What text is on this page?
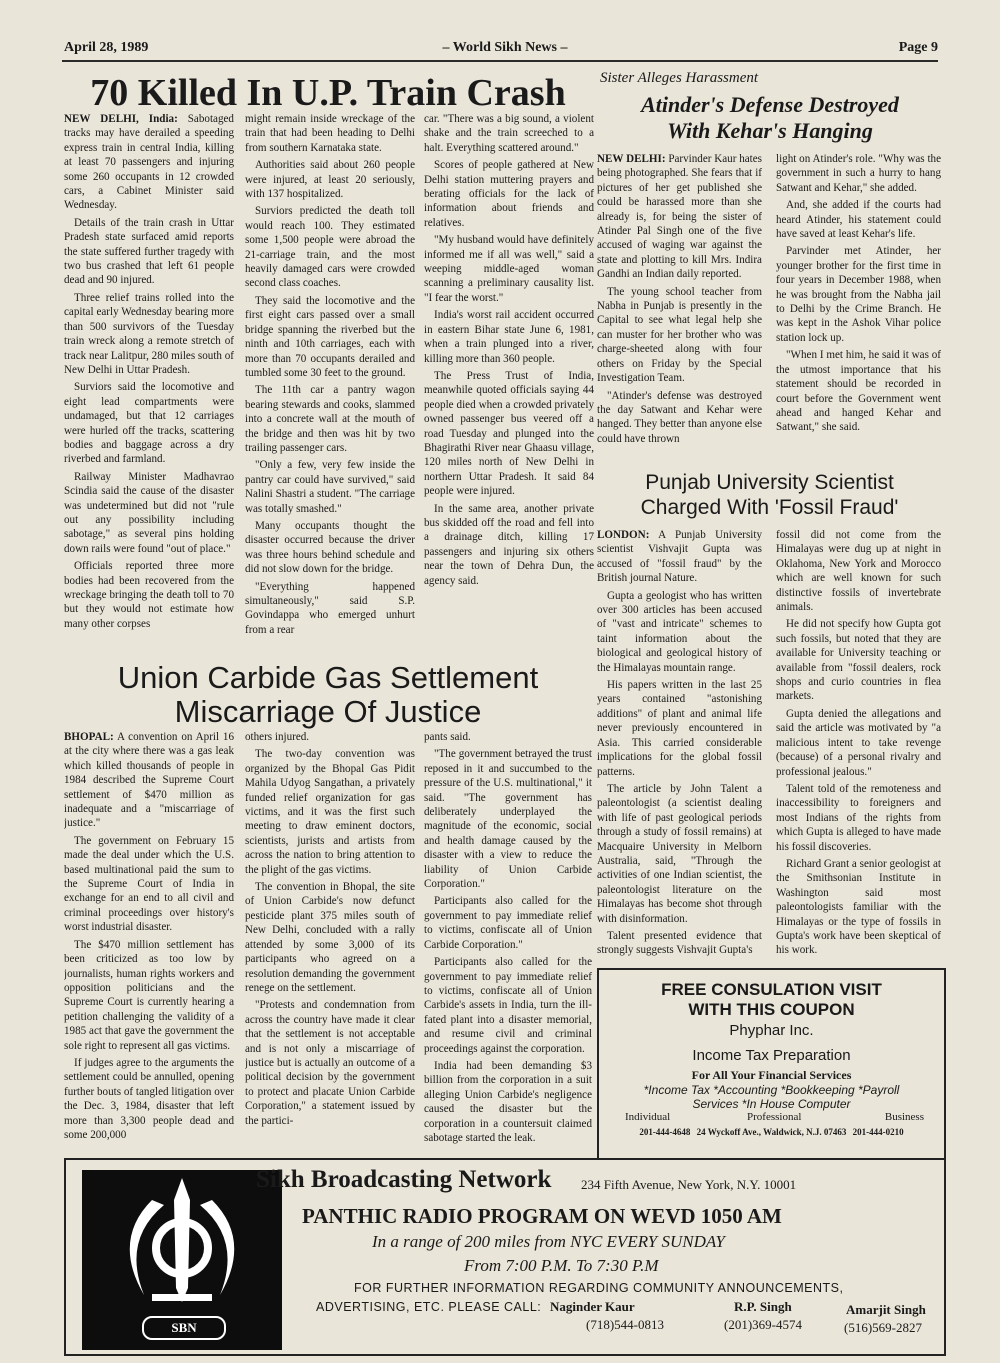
April 28, 1989	– World Sikh News –	Page 9
70 Killed In U.P. Train Crash

NEW DELHI, India: Sabotaged tracks may have derailed a speeding express train in central India, killing at least 70 passengers and injuring some 260 occupants in 12 crowded cars, a Cabinet Minister said Wednesday.

Details of the train crash in Uttar Pradesh state surfaced amid reports the state suffered further tragedy with two bus crashed that left 61 people dead and 90 injured.

Three relief trains rolled into the capital early Wednesday bearing more than 500 survivors of the Tuesday train wreck along a remote stretch of track near Lalitpur, 280 miles south of New Delhi in Uttar Pradesh.

Surviors said the locomotive and eight lead compartments were undamaged, but that 12 carriages were hurled off the tracks, scattering bodies and baggage across a dry riverbed and farmland.

Railway Minister Madhavrao Scindia said the cause of the disaster was undetermined but did not "rule out any possibility including sabotage," as several pins holding down rails were found "out of place."

Officials reported three more bodies had been recovered from the wreckage bringing the death toll to 70 but they would not estimate how many other corpses

might remain inside wreckage of the train that had been heading to Delhi from southern Karnataka state.

Authorities said about 260 people were injured, at least 20 seriously, with 137 hospitalized.

Surviors predicted the death toll would reach 100. They estimated some 1,500 people were abroad the 21-carriage train, and the most heavily damaged cars were crowded second class coaches.

They said the locomotive and the first eight cars passed over a small bridge spanning the riverbed but the ninth and 10th carriages, each with more than 70 occupants derailed and tumbled some 30 feet to the ground.

The 11th car a pantry wagon bearing stewards and cooks, slammed into a concrete wall at the mouth of the bridge and then was hit by two trailing passenger cars.

"Only a few, very few inside the pantry car could have survived," said Nalini Shastri a student. "The carriage was totally smashed."

Many occupants thought the disaster occurred because the driver was three hours behind schedule and did not slow down for the bridge.

"Everything happened simultaneously," said S.P. Govindappa who emerged unhurt from a rear

car. "There was a big sound, a violent shake and the train screeched to a halt. Everything scattered around."

Scores of people gathered at New Delhi station muttering prayers and berating officials for the lack of information about friends and relatives.

"My husband would have definitely informed me if all was well," said a weeping middle-aged woman scanning a preliminary causality list. "I fear the worst."

India's worst rail accident occurred in eastern Bihar state June 6, 1981, when a train plunged into a river, killing more than 360 people.

The Press Trust of India, meanwhile quoted officials saying 44 people died when a crowded privately owned passenger bus veered off a road Tuesday and plunged into the Bhagirathi River near Ghaasu village, 120 miles north of New Delhi in northern Uttar Pradesh. It said 84 people were injured.

In the same area, another private bus skidded off the road and fell into a drainage ditch, killing 17 passengers and injuring six others near the town of Dehra Dun, the agency said.

Sister Alleges Harassment
Atinder's Defense Destroyed
With Kehar's Hanging

NEW DELHI: Parvinder Kaur hates being photographed. She fears that if pictures of her get published she could be harassed more than she already is, for being the sister of Atinder Pal Singh one of the five accused of waging war against the state and plotting to kill Mrs. Indira Gandhi an Indian daily reported.

The young school teacher from Nabha in Punjab is presently in the Capital to see what legal help she can muster for her brother who was charge-sheeted along with four others on Friday by the Special Investigation Team.

"Atinder's defense was destroyed the day Satwant and Kehar were hanged. They better than anyone else could have thrown

light on Atinder's role. "Why was the government in such a hurry to hang Satwant and Kehar," she added.

And, she added if the courts had heard Atinder, his statement could have saved at least Kehar's life.

Parvinder met Atinder, her younger brother for the first time in four years in December 1988, when he was brought from the Nabha jail to Delhi by the Crime Branch. He was kept in the Ashok Vihar police station lock up.

"When I met him, he said it was of the utmost importance that his statement should be recorded in court before the Government went ahead and hanged Kehar and Satwant," she said.

Punjab University Scientist
Charged With 'Fossil Fraud'

LONDON: A Punjab University scientist Vishvajit Gupta was accused of "fossil fraud" by the British journal Nature.

Gupta a geologist who has written over 300 articles has been accused of "vast and intricate" schemes to taint information about the biological and geological history of the Himalayas mountain range.

His papers written in the last 25 years contained "astonishing additions" of plant and animal life never previously encountered in Asia. This carried considerable implications for the global fossil patterns.

The article by John Talent a paleontologist (a scientist dealing with life of past geological periods through a study of fossil remains) at Macquaire University in Melborn Australia, said, "Through the activities of one Indian scientist, the paleontologist literature on the Himalayas has become shot through with disinformation.

Talent presented evidence that strongly suggests Vishvajit Gupta's

fossil did not come from the Himalayas were dug up at night in Oklahoma, New York and Morocco which are well known for such distinctive fossils of invertebrate animals.

He did not specify how Gupta got such fossils, but noted that they are available for University teaching or available from "fossil dealers, rock shops and curio countries in flea markets.

Gupta denied the allegations and said the article was motivated by "a malicious intent to take revenge (because) of a personal rivalry and professional jealous."

Talent told of the remoteness and inaccessibility to foreigners and most Indians of the rights from which Gupta is alleged to have made his fossil discoveries.

Richard Grant a senior geologist at the Smithsonian Institute in Washington said most paleontologists familiar with the Himalayas or the type of fossils in Gupta's work have been skeptical of his work.

Union Carbide Gas Settlement
Miscarriage Of Justice

BHOPAL: A convention on April 16 at the city where there was a gas leak which killed thousands of people in 1984 described the Supreme Court settlement of $470 million as inadequate and a "miscarriage of justice."

The government on February 15 made the deal under which the U.S. based multinational paid the sum to the Supreme Court of India in exchange for an end to all civil and criminal proceedings over history's worst industrial disaster.

The $470 million settlement has been criticized as too low by journalists, human rights workers and opposition politicians and the Supreme Court is currently hearing a petition challenging the validity of a 1985 act that gave the government the sole right to represent all gas victims.

If judges agree to the arguments the settlement could be annulled, opening further bouts of tangled litigation over the Dec. 3, 1984, disaster that left more than 3,300 people dead and some 200,000

others injured.

The two-day convention was organized by the Bhopal Gas Pidit Mahila Udyog Sangathan, a privately funded relief organization for gas victims, and it was the first such meeting to draw eminent doctors, scientists, jurists and artists from across the nation to bring attention to the plight of the gas victims.

The convention in Bhopal, the site of Union Carbide's now defunct pesticide plant 375 miles south of New Delhi, concluded with a rally attended by some 3,000 of its participants who agreed on a resolution demanding the government renege on the settlement.

"Protests and condemnation from across the country have made it clear that the settlement is not acceptable and is not only a miscarriage of justice but is actually an outcome of a political decision by the government to protect and placate Union Carbide Corporation," a statement issued by the partici-

pants said.

"The government betrayed the trust reposed in it and succumbed to the pressure of the U.S. multinational," it said. "The government has deliberately underplayed the magnitude of the economic, social and health damage caused by the disaster with a view to reduce the liability of Union Carbide Corporation."

Participants also called for the government to pay immediate relief to victims, confiscate all of Union Carbide Corporation."

Participants also called for the government to pay immediate relief to victims, confiscate all of Union Carbide's assets in India, turn the ill-fated plant into a disaster memorial, and resume civil and criminal proceedings against the corporation.

India had been demanding $3 billion from the corporation in a suit alleging Union Carbide's negligence caused the disaster but the corporation in a countersuit claimed sabotage started the leak.

FREE CONSULATION VISIT
WITH THIS COUPON
Phyphar Inc.
Income Tax Preparation
For All Your Financial Services
*Income Tax *Accounting *Bookkeeping *Payroll
Services *In House Computer
Individual	Professional	Business
201-444-4648 24 Wyckoff Ave., Waldwick, N.J. 07463 201-444-0210
SBN
Sikh Broadcasting Network 234 Fifth Avenue, New York, N.Y. 10001
PANTHIC RADIO PROGRAM ON WEVD 1050 AM
In a range of 200 miles from NYC EVERY SUNDAY
From 7:00 P.M. To 7:30 P.M
FOR FURTHER INFORMATION REGARDING COMMUNITY ANNOUNCEMENTS,
ADVERTISING, ETC. PLEASE CALL: Naginder Kaur
(718)544-0813
R.P. Singh
(201)369-4574
Amarjit Singh
(516)569-2827
